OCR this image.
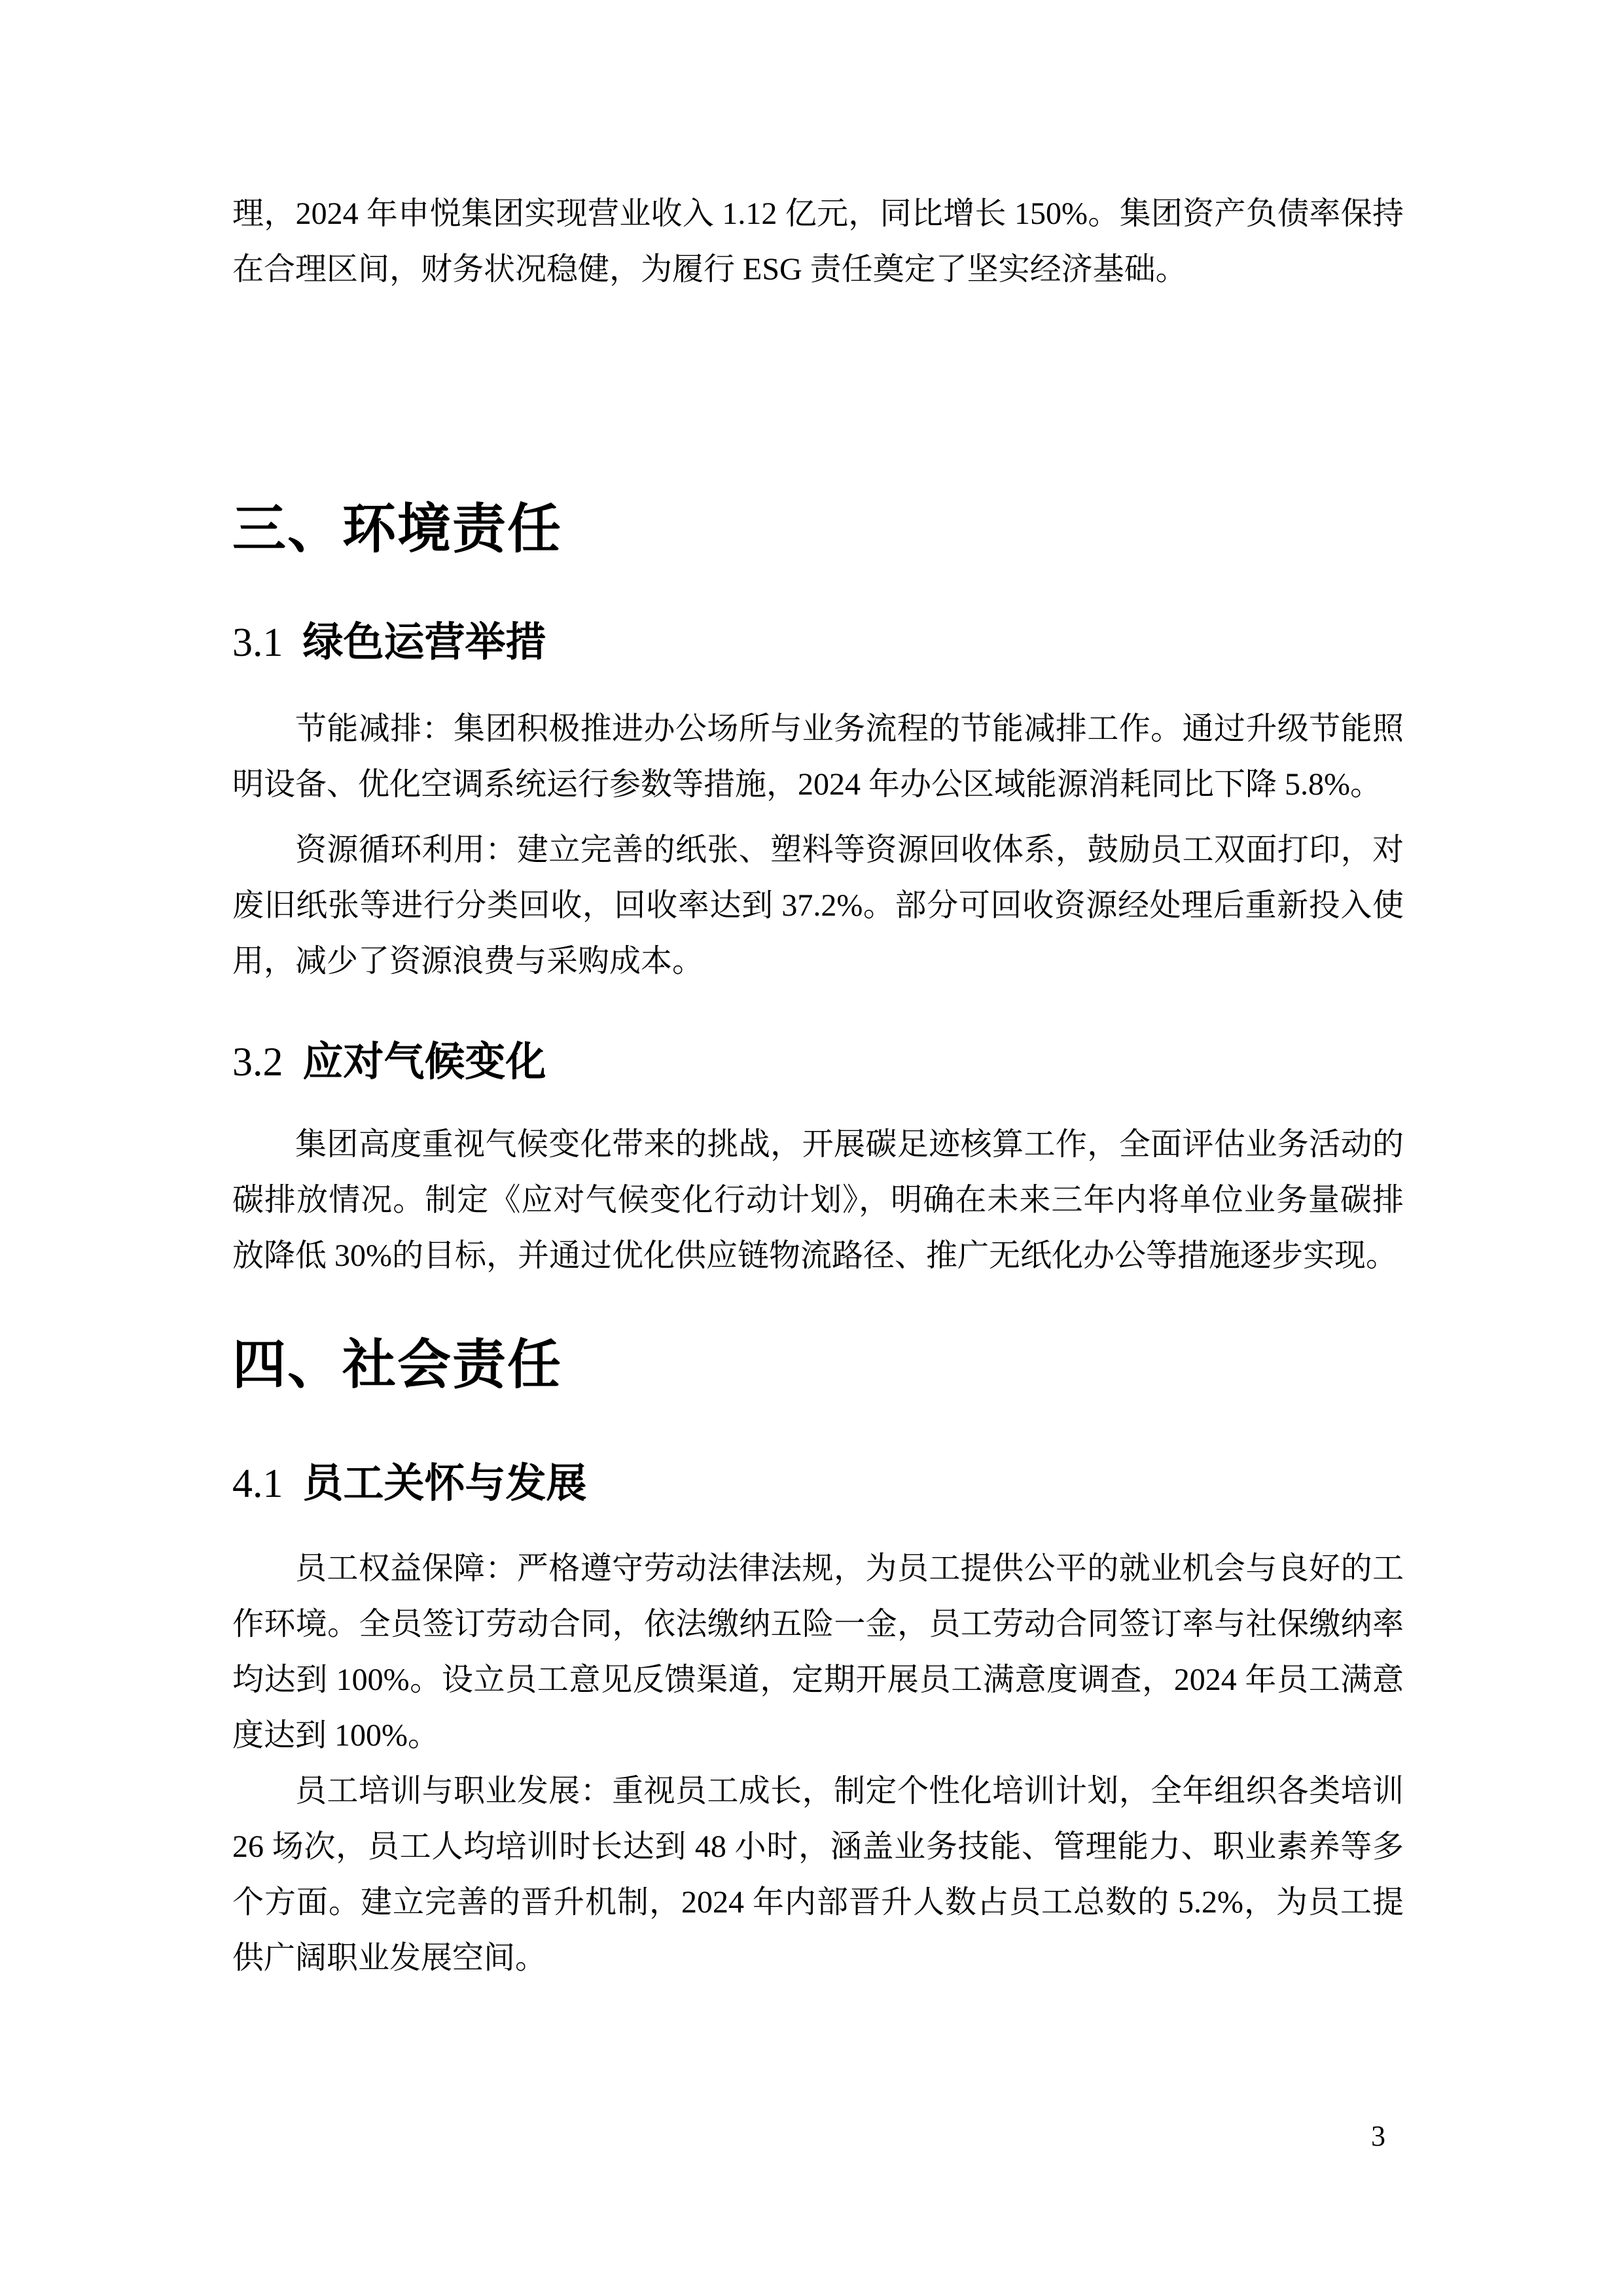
理，2024 年申悦集团实现营业收入 1.12 亿元，同比增长 150%。集团资产负债率保持在合理区间，财务状况稳健，为履行 ESG 责任奠定了坚实经济基础。

三、环境责任
3.1 绿色运营举措

节能减排：集团积极推进办公场所与业务流程的节能减排工作。通过升级节能照明设备、优化空调系统运行参数等措施，2024 年办公区域能源消耗同比下降 5.8%。

资源循环利用：建立完善的纸张、塑料等资源回收体系，鼓励员工双面打印，对废旧纸张等进行分类回收，回收率达到 37.2%。部分可回收资源经处理后重新投入使用，减少了资源浪费与采购成本。

3.2 应对气候变化

集团高度重视气候变化带来的挑战，开展碳足迹核算工作，全面评估业务活动的碳排放情况。制定《应对气候变化行动计划》，明确在未来三年内将单位业务量碳排放降低 30%的目标，并通过优化供应链物流路径、推广无纸化办公等措施逐步实现。

四、社会责任
4.1 员工关怀与发展

员工权益保障：严格遵守劳动法律法规，为员工提供公平的就业机会与良好的工作环境。全员签订劳动合同，依法缴纳五险一金，员工劳动合同签订率与社保缴纳率均达到 100%。设立员工意见反馈渠道，定期开展员工满意度调查，2024 年员工满意度达到 100%。

员工培训与职业发展：重视员工成长，制定个性化培训计划，全年组织各类培训 26 场次，员工人均培训时长达到 48 小时，涵盖业务技能、管理能力、职业素养等多个方面。建立完善的晋升机制，2024 年内部晋升人数占员工总数的 5.2%，为员工提供广阔职业发展空间。

3
